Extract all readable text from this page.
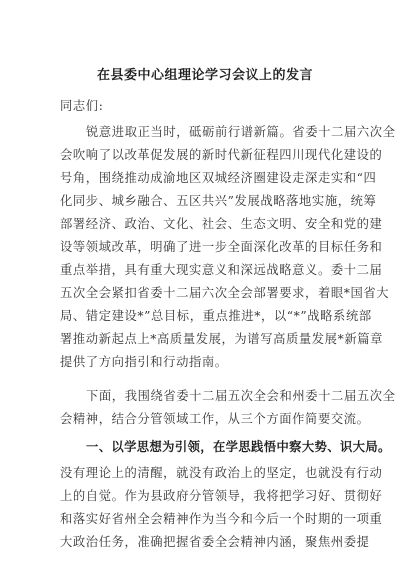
在县委中心组理论学习会议上的发言
同志们:
锐意进取正当时，砥砺前行谱新篇。省委十二届六次全
会吹响了以改革促发展的新时代新征程四川现代化建设的
号角，围绕推动成渝地区双城经济圈建设走深走实和“四
化同步、城乡融合、五区共兴”发展战略落地实施，统筹
部署经济、政治、文化、社会、生态文明、安全和党的建
设等领域改革，明确了进一步全面深化改革的目标任务和
重点举措，具有重大现实意义和深远战略意义。委十二届
五次全会紧扣省委十二届六次全会部署要求，着眼*国省大
局、错定建设*”总目标，重点推进*，以“*”战略系统部
署推动新起点上*高质量发展，为谱写高质量发展*新篇章
提供了方向指引和行动指南。
下面，我围绕省委十二届五次全会和州委十二届五次全
会精神，结合分管领域工作，从三个方面作简要交流。
一、以学思想为引领，在学思践悟中察大势、识大局。
没有理论上的清醒，就没有政治上的坚定，也就没有行动
上的自觉。作为县政府分管领导，我将把学习好、贯彻好
和落实好省州全会精神作为当今和今后一个时期的一项重
大政治任务，准确把握省委全会精神内涵，聚焦州委提
